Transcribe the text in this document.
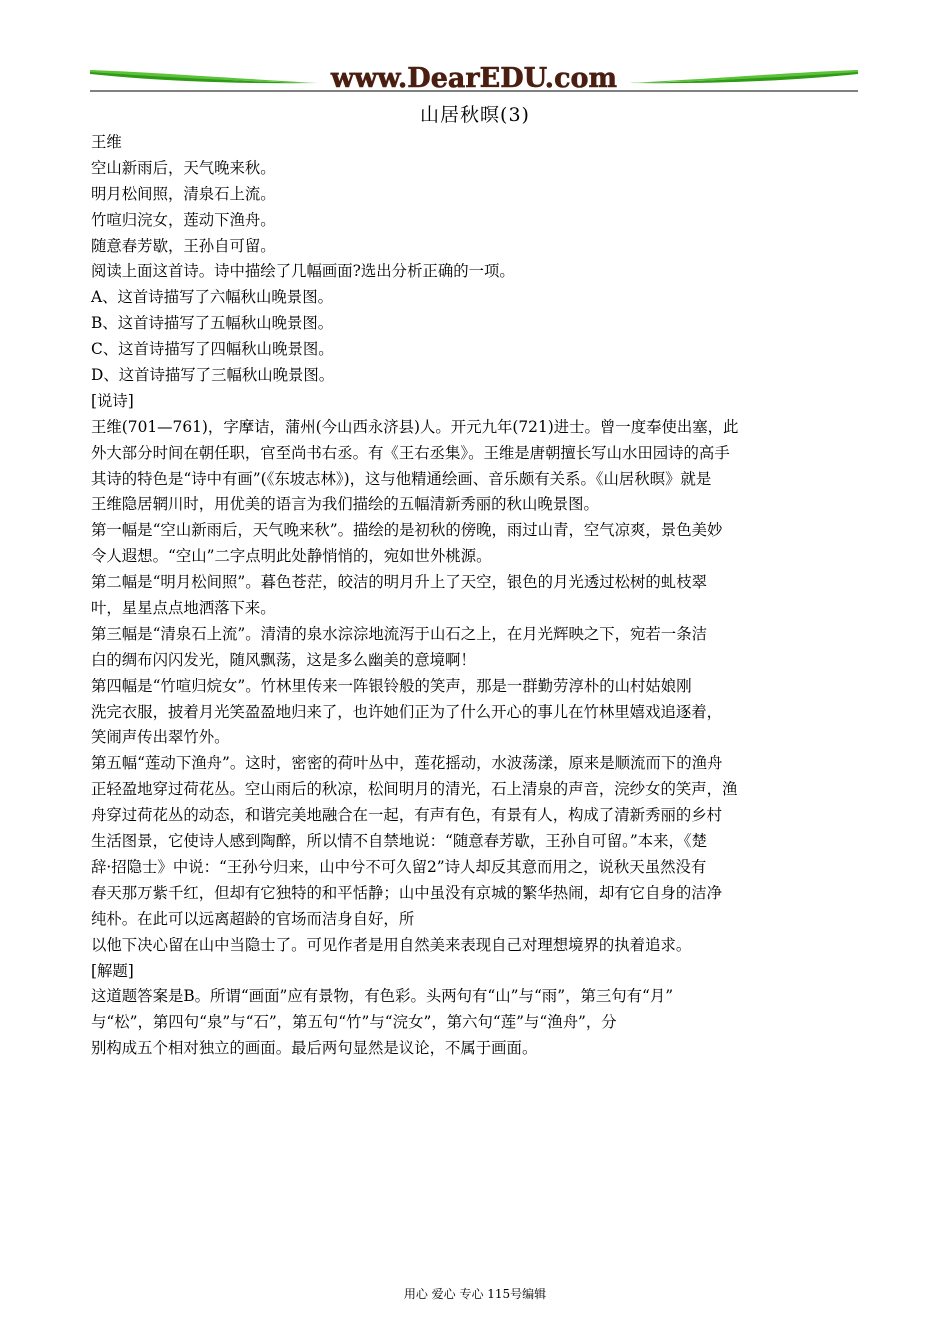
www.DearEDU.com
山居秋暝(3)
王维
空山新雨后，天气晚来秋。
明月松间照，清泉石上流。
竹喧归浣女，莲动下渔舟。
随意春芳歇，王孙自可留。
阅读上面这首诗。诗中描绘了几幅画面?选出分析正确的一项。
A、这首诗描写了六幅秋山晚景图。
B、这首诗描写了五幅秋山晚景图。
C、这首诗描写了四幅秋山晚景图。
D、这首诗描写了三幅秋山晚景图。
[说诗]
王维(701—761)，字摩诘，蒲州(今山西永济县)人。开元九年(721)进士。曾一度奉使出塞，此
外大部分时间在朝任职，官至尚书右丞。有《王右丞集》。王维是唐朝擅长写山水田园诗的高手
其诗的特色是“诗中有画”(《东坡志林》)，这与他精通绘画、音乐颇有关系。《山居秋暝》就是
王维隐居辋川时，用优美的语言为我们描绘的五幅清新秀丽的秋山晚景图。
第一幅是“空山新雨后，天气晚来秋”。描绘的是初秋的傍晚，雨过山青，空气凉爽，景色美妙
令人遐想。“空山”二字点明此处静悄悄的，宛如世外桃源。
第二幅是“明月松间照”。暮色苍茫，皎洁的明月升上了天空，银色的月光透过松树的虬枝翠
叶，星星点点地洒落下来。
第三幅是“清泉石上流”。清清的泉水淙淙地流泻于山石之上，在月光辉映之下，宛若一条洁
白的绸布闪闪发光，随风飘荡，这是多么幽美的意境啊！
第四幅是“竹喧归烷女”。竹林里传来一阵银铃般的笑声，那是一群勤劳淳朴的山村姑娘刚
洗完衣服，披着月光笑盈盈地归来了，也许她们正为了什么开心的事儿在竹林里嬉戏追逐着，
笑闹声传出翠竹外。
第五幅“莲动下渔舟”。这时，密密的荷叶丛中，莲花摇动，水波荡漾，原来是顺流而下的渔舟
正轻盈地穿过荷花丛。空山雨后的秋凉，松间明月的清光，石上清泉的声音，浣纱女的笑声，渔
舟穿过荷花丛的动态，和谐完美地融合在一起，有声有色，有景有人，构成了清新秀丽的乡村
生活图景，它使诗人感到陶醉，所以情不自禁地说：“随意春芳歇，王孙自可留。”本来，《楚
辞·招隐士》中说：“王孙兮归来，山中兮不可久留2”诗人却反其意而用之，说秋天虽然没有
春天那万紫千红，但却有它独特的和平恬静；山中虽没有京城的繁华热闹，却有它自身的洁净
纯朴。在此可以远离超龄的官场而洁身自好，所
以他下决心留在山中当隐士了。可见作者是用自然美来表现自己对理想境界的执着追求。
[解题]
这道题答案是B。所谓“画面”应有景物，有色彩。头两句有“山”与“雨”，第三句有“月”
与“松”，第四句“泉”与“石”，第五句“竹”与“浣女”，第六句“莲”与“渔舟”，分
别构成五个相对独立的画面。最后两句显然是议论，不属于画面。
用心 爱心 专心 115号编辑
